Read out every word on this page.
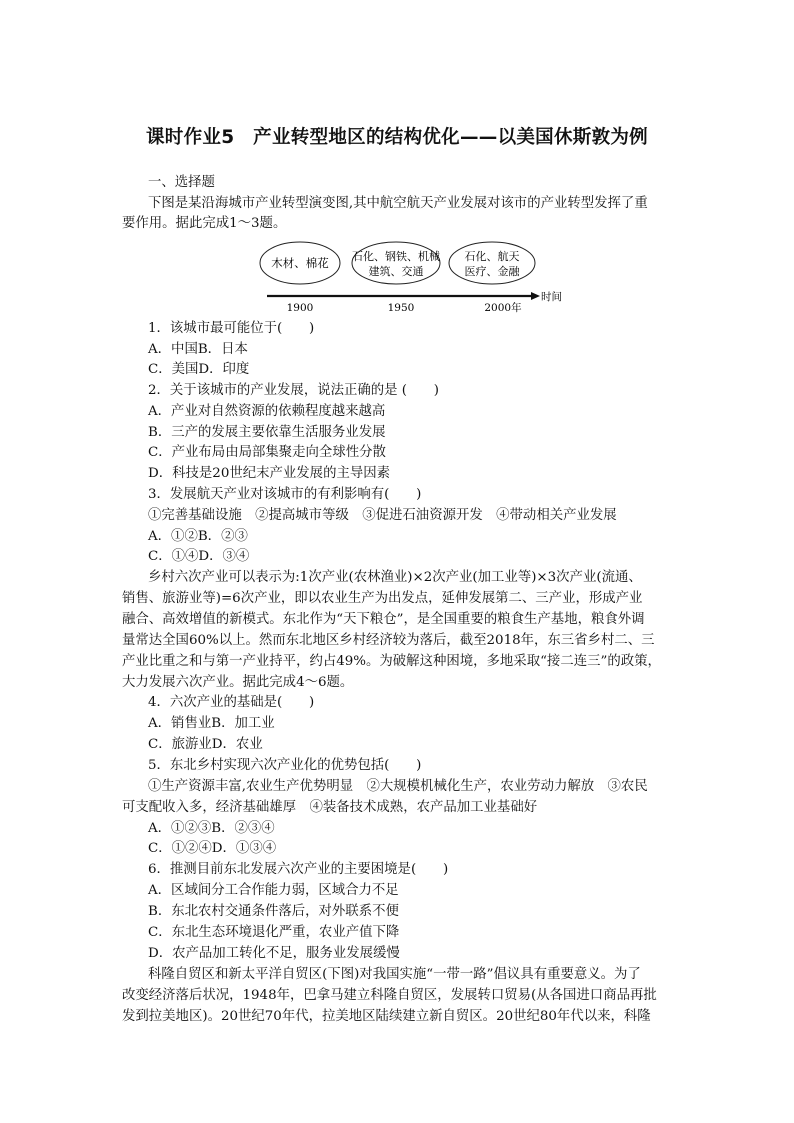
课时作业5　产业转型地区的结构优化——以美国休斯敦为例
一、选择题
下图是某沿海城市产业转型演变图,其中航空航天产业发展对该市的产业转型发挥了重
要作用。据此完成1～3题。
木材、棉花 石化、钢铁、机械
建筑、交通
石化、航天
医疗、金融
时间
1900	1950	2000年
1．该城市最可能位于(　　)
A．中国B．日本
C．美国D．印度
2．关于该城市的产业发展，说法正确的是 (　　)
A．产业对自然资源的依赖程度越来越高
B．三产的发展主要依靠生活服务业发展
C．产业布局由局部集聚走向全球性分散
D．科技是20世纪末产业发展的主导因素
3．发展航天产业对该城市的有利影响有(　　)
①完善基础设施　②提高城市等级　③促进石油资源开发　④带动相关产业发展
A．①②B．②③
C．①④D．③④
乡村六次产业可以表示为:1次产业(农林渔业)×2次产业(加工业等)×3次产业(流通、
销售、旅游业等)=6次产业，即以农业生产为出发点，延伸发展第二、三产业，形成产业
融合、高效增值的新模式。东北作为“天下粮仓”，是全国重要的粮食生产基地，粮食外调
量常达全国60%以上。然而东北地区乡村经济较为落后，截至2018年，东三省乡村二、三
产业比重之和与第一产业持平，约占49%。为破解这种困境，多地采取“接二连三”的政策，
大力发展六次产业。据此完成4～6题。
4．六次产业的基础是(　　)
A．销售业B．加工业
C．旅游业D．农业
5．东北乡村实现六次产业化的优势包括(　　)
①生产资源丰富,农业生产优势明显　②大规模机械化生产，农业劳动力解放　③农民
可支配收入多，经济基础雄厚　④装备技术成熟，农产品加工业基础好
A．①②③B．②③④
C．①②④D．①③④
6．推测目前东北发展六次产业的主要困境是(　　)
A．区域间分工合作能力弱，区域合力不足
B．东北农村交通条件落后，对外联系不便
C．东北生态环境退化严重，农业产值下降
D．农产品加工转化不足，服务业发展缓慢
科隆自贸区和新太平洋自贸区(下图)对我国实施“一带一路”倡议具有重要意义。为了
改变经济落后状况，1948年，巴拿马建立科隆自贸区，发展转口贸易(从各国进口商品再批
发到拉美地区)。20世纪70年代，拉美地区陆续建立新自贸区。20世纪80年代以来，科隆
